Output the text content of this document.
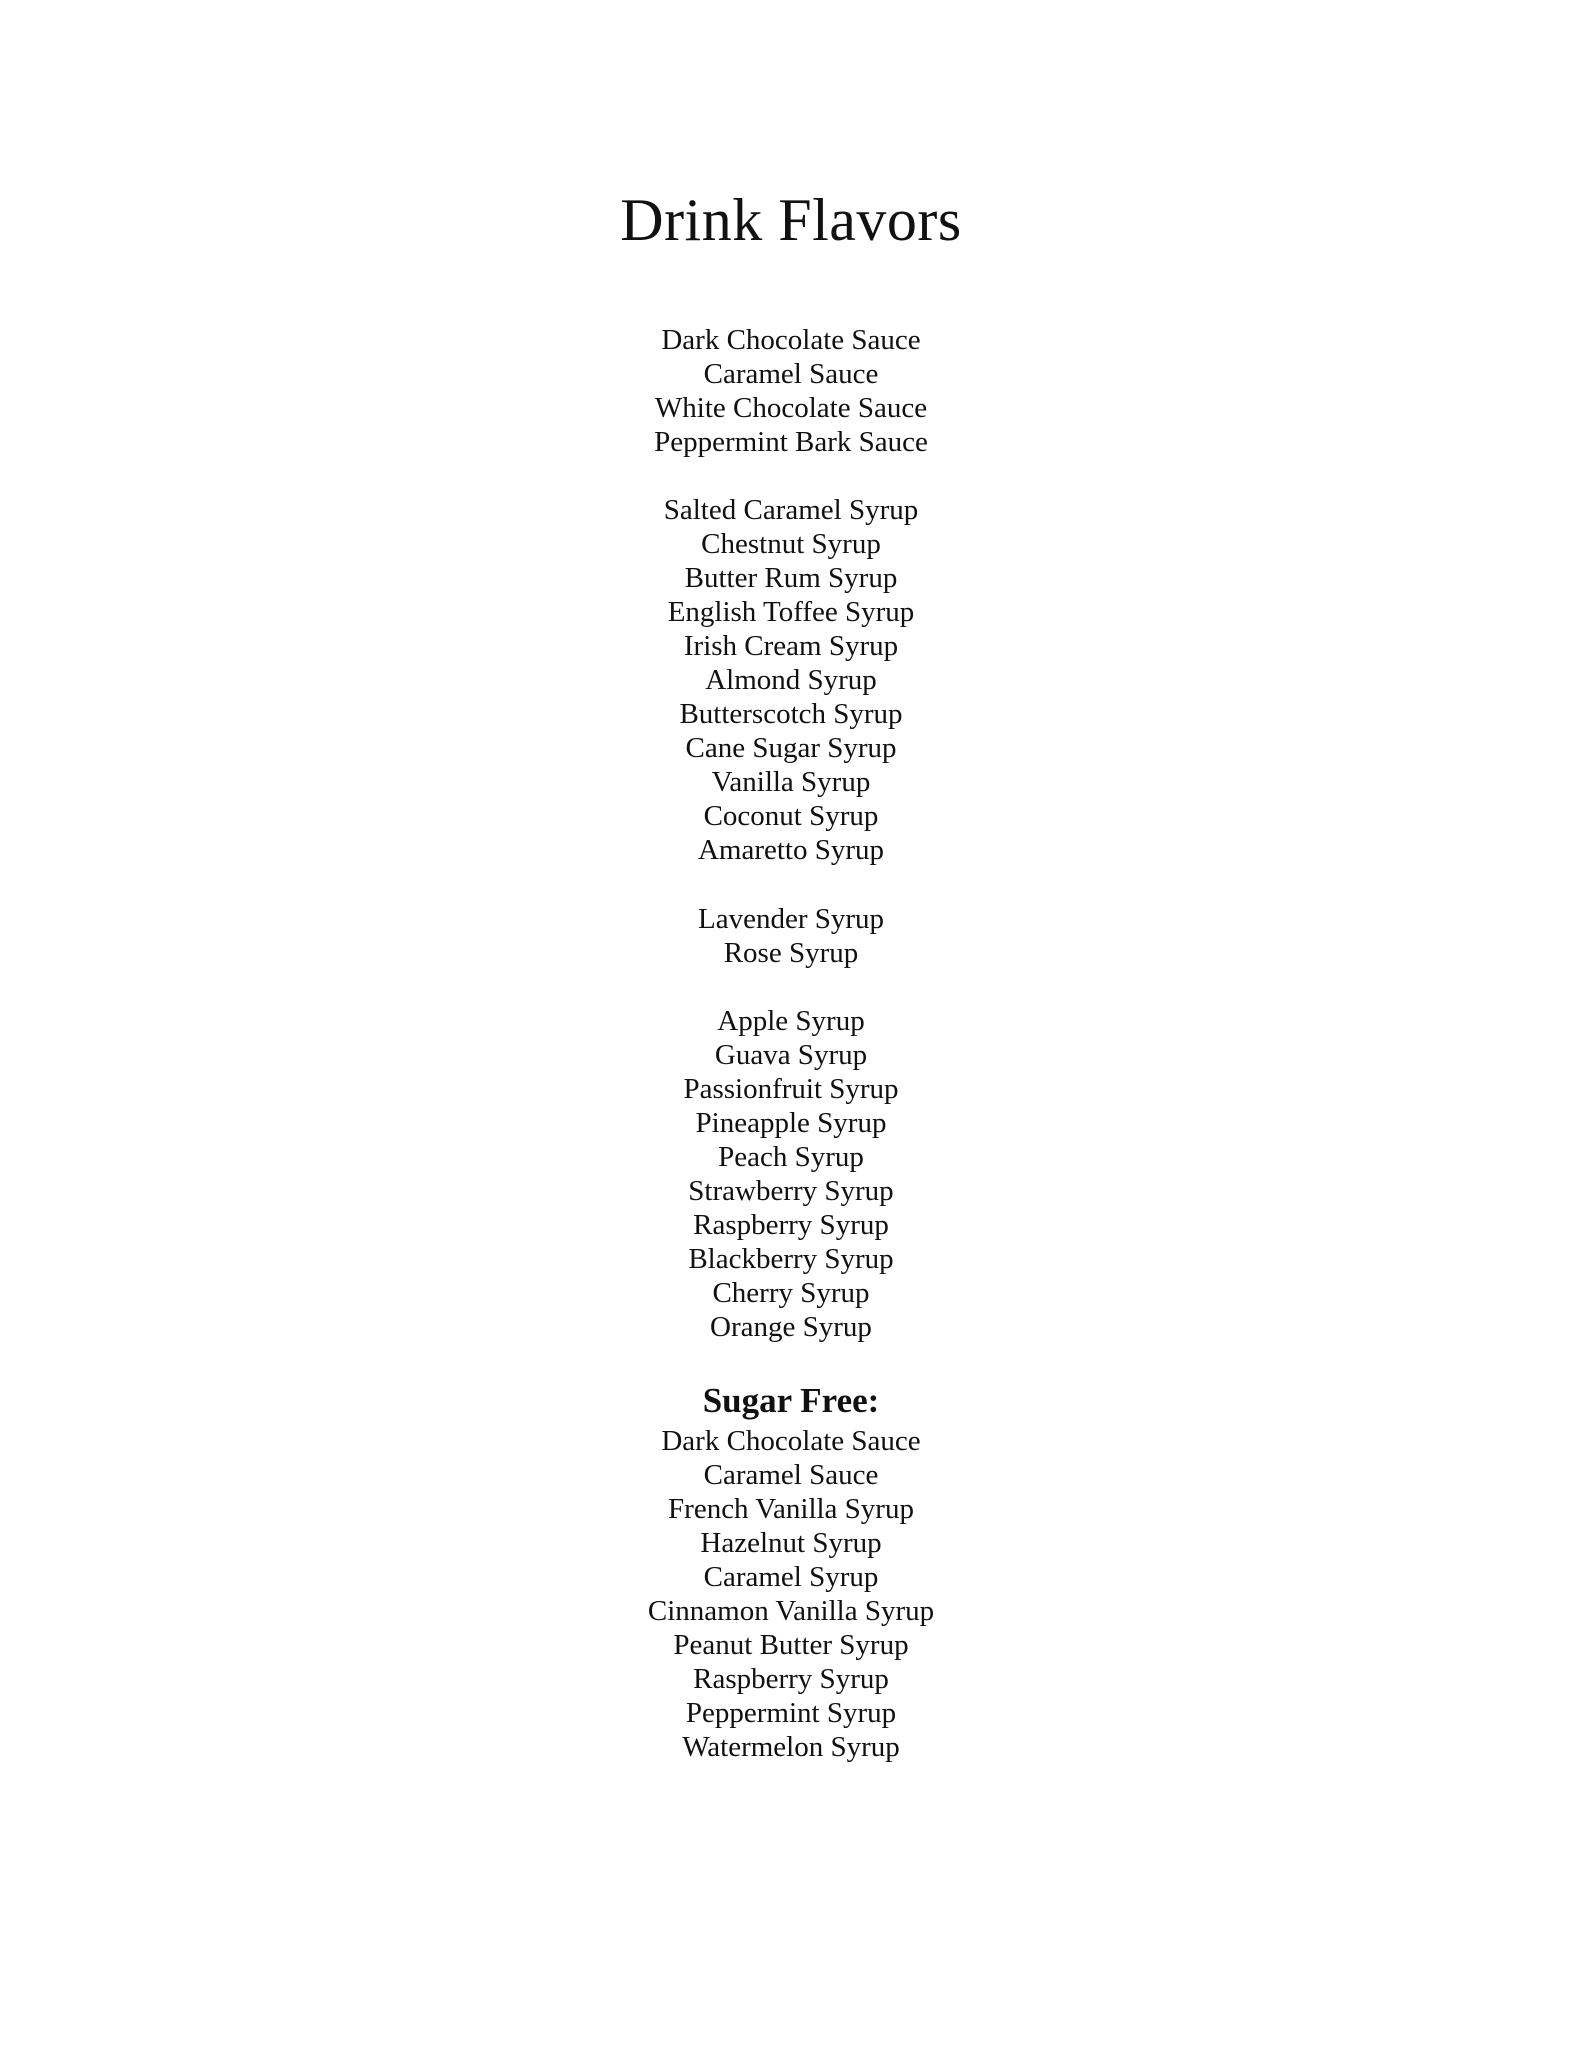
Drink Flavors
Dark Chocolate Sauce
Caramel Sauce
White Chocolate Sauce
Peppermint Bark Sauce
Salted Caramel Syrup
Chestnut Syrup
Butter Rum Syrup
English Toffee Syrup
Irish Cream Syrup
Almond Syrup
Butterscotch Syrup
Cane Sugar Syrup
Vanilla Syrup
Coconut Syrup
Amaretto Syrup
Lavender Syrup
Rose Syrup
Apple Syrup
Guava Syrup
Passionfruit Syrup
Pineapple Syrup
Peach Syrup
Strawberry Syrup
Raspberry Syrup
Blackberry Syrup
Cherry Syrup
Orange Syrup
Sugar Free:
Dark Chocolate Sauce
Caramel Sauce
French Vanilla Syrup
Hazelnut Syrup
Caramel Syrup
Cinnamon Vanilla Syrup
Peanut Butter Syrup
Raspberry Syrup
Peppermint Syrup
Watermelon Syrup
